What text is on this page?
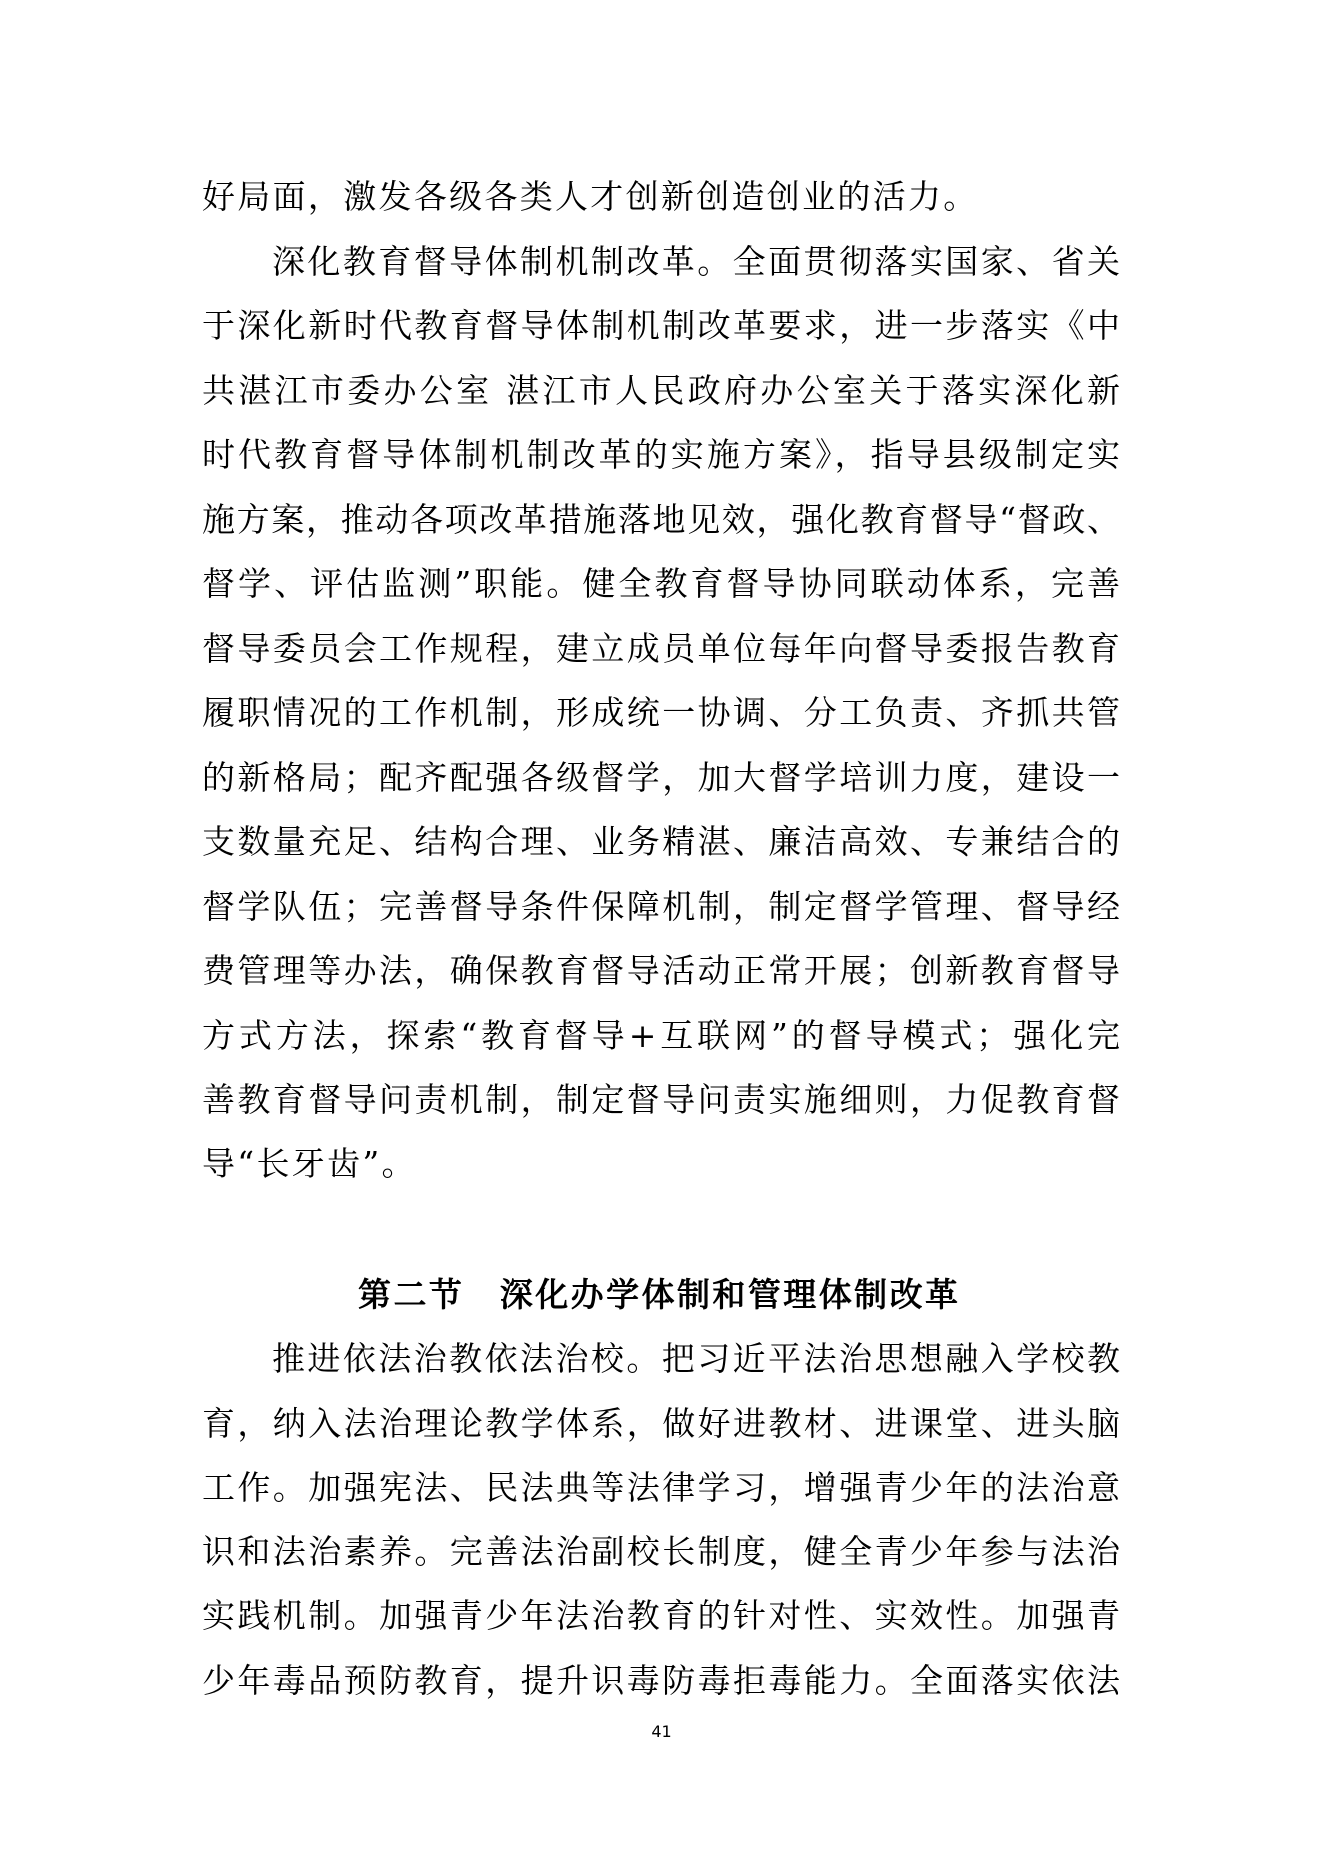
好局面，激发各级各类人才创新创造创业的活力。
深化教育督导体制机制改革。全面贯彻落实国家、省关
于深化新时代教育督导体制机制改革要求，进一步落实《中
共湛江市委办公室 湛江市人民政府办公室关于落实深化新
时代教育督导体制机制改革的实施方案》，指导县级制定实
施方案，推动各项改革措施落地见效，强化教育督导“督政、
督学、评估监测”职能。健全教育督导协同联动体系，完善
督导委员会工作规程，建立成员单位每年向督导委报告教育
履职情况的工作机制，形成统一协调、分工负责、齐抓共管
的新格局；配齐配强各级督学，加大督学培训力度，建设一
支数量充足、结构合理、业务精湛、廉洁高效、专兼结合的
督学队伍；完善督导条件保障机制，制定督学管理、督导经
费管理等办法，确保教育督导活动正常开展；创新教育督导
方式方法，探索“教育督导+互联网”的督导模式；强化完
善教育督导问责机制，制定督导问责实施细则，力促教育督
导“长牙齿”。
第二节　深化办学体制和管理体制改革
推进依法治教依法治校。把习近平法治思想融入学校教
育，纳入法治理论教学体系，做好进教材、进课堂、进头脑
工作。加强宪法、民法典等法律学习，增强青少年的法治意
识和法治素养。完善法治副校长制度，健全青少年参与法治
实践机制。加强青少年法治教育的针对性、实效性。加强青
少年毒品预防教育，提升识毒防毒拒毒能力。全面落实依法
41
